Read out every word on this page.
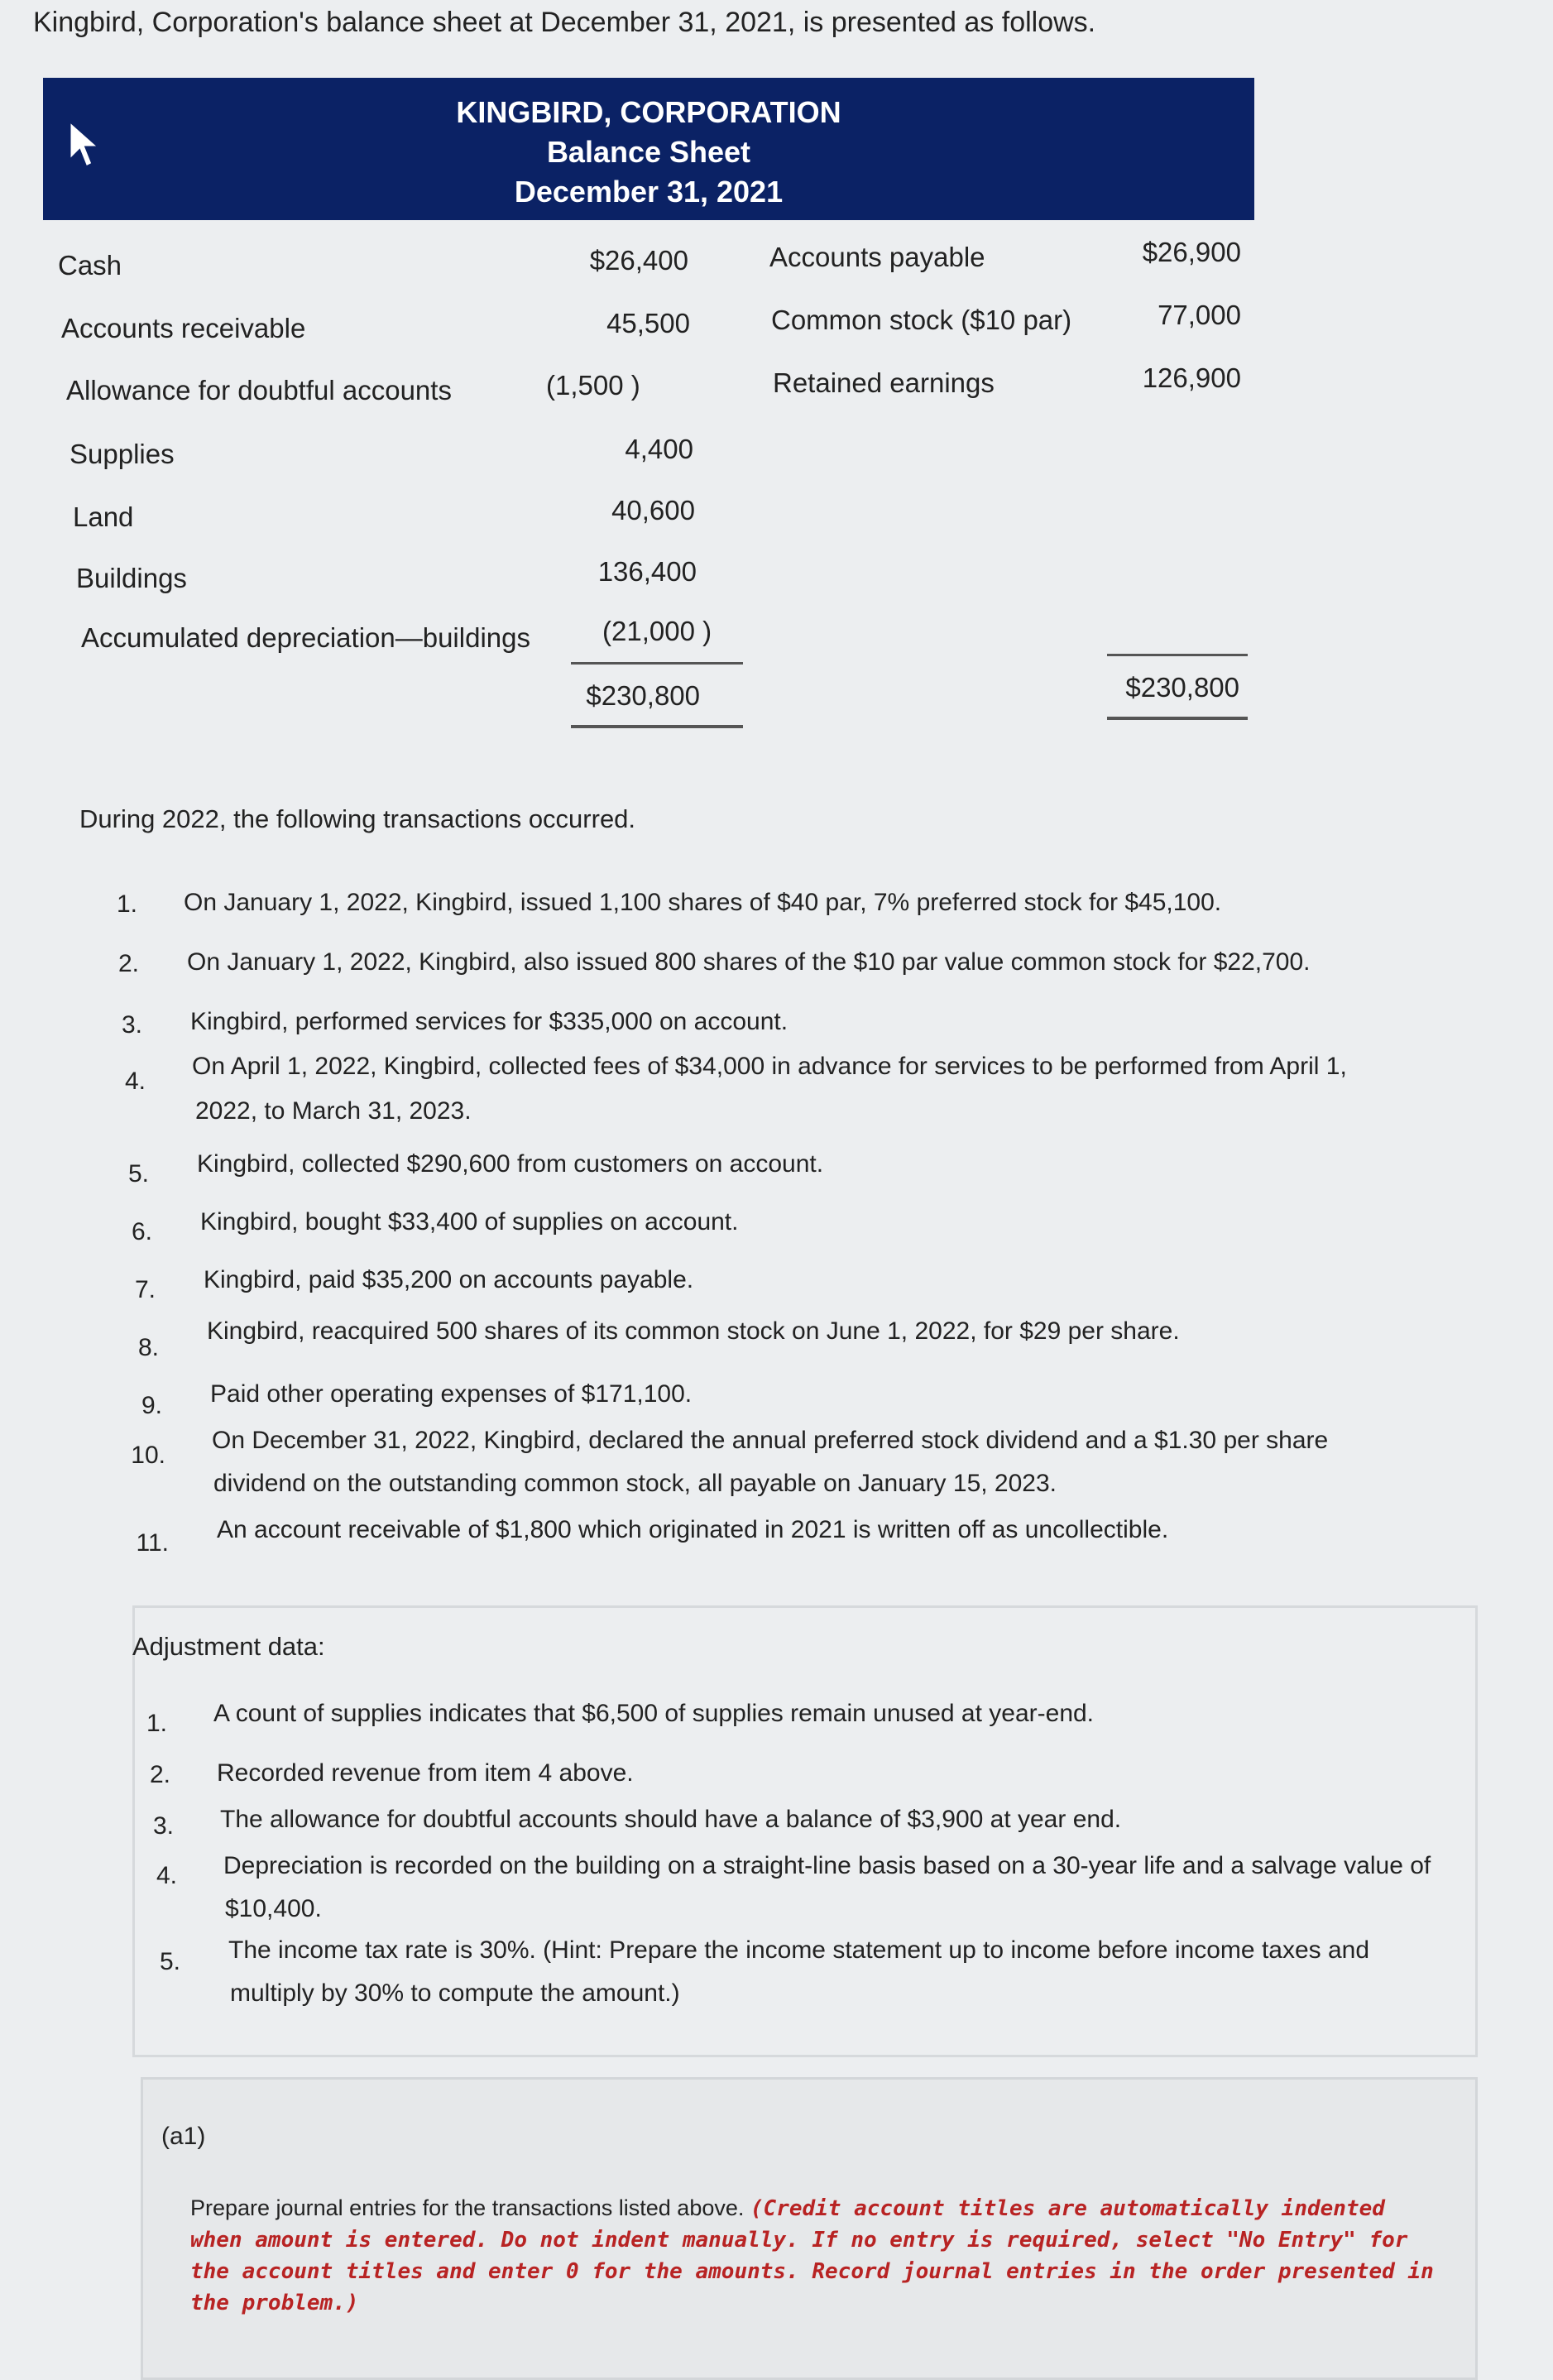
Kingbird, Corporation's balance sheet at December 31, 2021, is presented as follows.
KINGBIRD, CORPORATION
Balance Sheet
December 31, 2021
Cash	$26,400
Accounts receivable	45,500
Allowance for doubtful accounts	(1,500 )
Supplies	4,400
Land	40,600
Buildings	136,400
Accumulated depreciation—buildings	(21,000 )
$230,800
Accounts payable	$26,900
Common stock ($10 par)	77,000
Retained earnings	126,900
$230,800
During 2022, the following transactions occurred.
1. On January 1, 2022, Kingbird, issued 1,100 shares of $40 par, 7% preferred stock for $45,100.
2. On January 1, 2022, Kingbird, also issued 800 shares of the $10 par value common stock for $22,700.
3. Kingbird, performed services for $335,000 on account.
4.
On April 1, 2022, Kingbird, collected fees of $34,000 in advance for services to be performed from April 1,
2022, to March 31, 2023.
5. Kingbird, collected $290,600 from customers on account.
6. Kingbird, bought $33,400 of supplies on account.
7. Kingbird, paid $35,200 on accounts payable.
8.
Kingbird, reacquired 500 shares of its common stock on June 1, 2022, for $29 per share.
9. Paid other operating expenses of $171,100.
10.
On December 31, 2022, Kingbird, declared the annual preferred stock dividend and a $1.30 per share
dividend on the outstanding common stock, all payable on January 15, 2023.
11. An account receivable of $1,800 which originated in 2021 is written off as uncollectible.
Adjustment data:
1. A count of supplies indicates that $6,500 of supplies remain unused at year-end.
2. Recorded revenue from item 4 above.
3. The allowance for doubtful accounts should have a balance of $3,900 at year end.
4. Depreciation is recorded on the building on a straight-line basis based on a 30-year life and a salvage value of
$10,400.
5. The income tax rate is 30%. (Hint: Prepare the income statement up to income before income taxes and
multiply by 30% to compute the amount.)
(a1)
Prepare journal entries for the transactions listed above. (Credit account titles are automatically indented when amount is entered. Do not indent manually. If no entry is required, select "No Entry" for the account titles and enter 0 for the amounts. Record journal entries in the order presented in the problem.)
